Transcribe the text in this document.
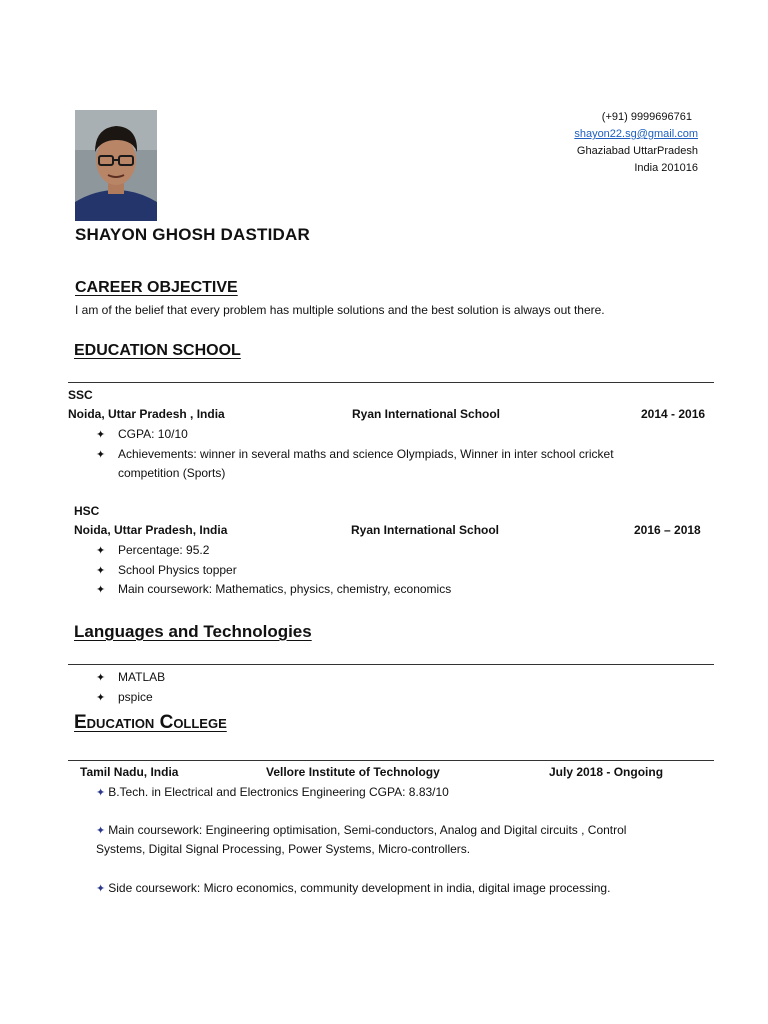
(+91) 9999696761
shayon22.sg@gmail.com
Ghaziabad UttarPradesh
India 201016
SHAYON GHOSH DASTIDAR
CAREER OBJECTIVE
I am of the belief that every problem has multiple solutions and the best solution is always out there.
EDUCATION SCHOOL
SSC
Noida, Uttar Pradesh , India	Ryan International School	2014 - 2016
✦ CGPA: 10/10
✦ Achievements: winner in several maths and science Olympiads, Winner in inter school cricket
competition (Sports)
HSC
Noida, Uttar Pradesh, India	Ryan International School	2016 – 2018
✦ Percentage: 95.2
✦ School Physics topper
✦ Main coursework: Mathematics, physics, chemistry, economics
Languages and Technologies
✦ MATLAB
✦ pspice
Education College
Tamil Nadu, India	Vellore Institute of Technology	July 2018 - Ongoing
✦ B.Tech. in Electrical and Electronics Engineering CGPA: 8.83/10
✦ Main coursework: Engineering optimisation, Semi-conductors, Analog and Digital circuits , Control
Systems, Digital Signal Processing, Power Systems, Micro-controllers.
✦ Side coursework: Micro economics, community development in india, digital image processing.
